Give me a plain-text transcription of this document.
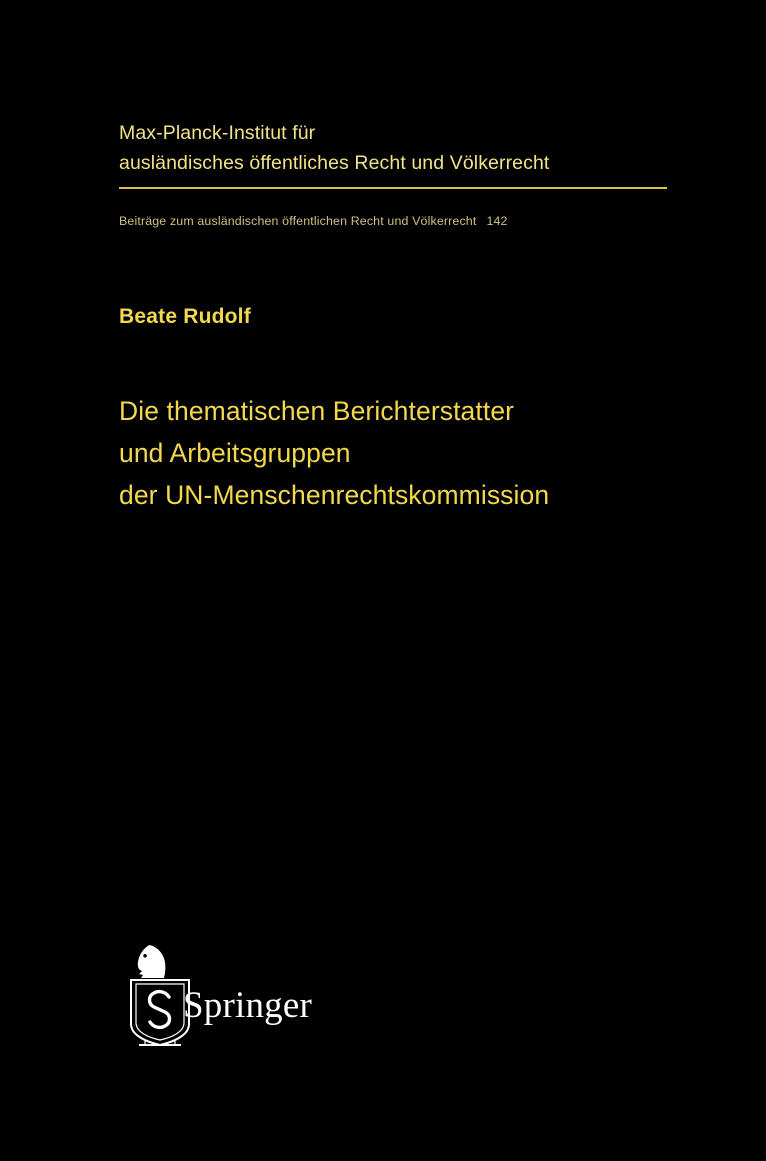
Max-Planck-Institut für
ausländisches öffentliches Recht und Völkerrecht
Beiträge zum ausländischen öffentlichen Recht und Völkerrecht 142
Beate Rudolf
Die thematischen Berichterstatter
und Arbeitsgruppen
der UN-Menschenrechtskommission
Springer
